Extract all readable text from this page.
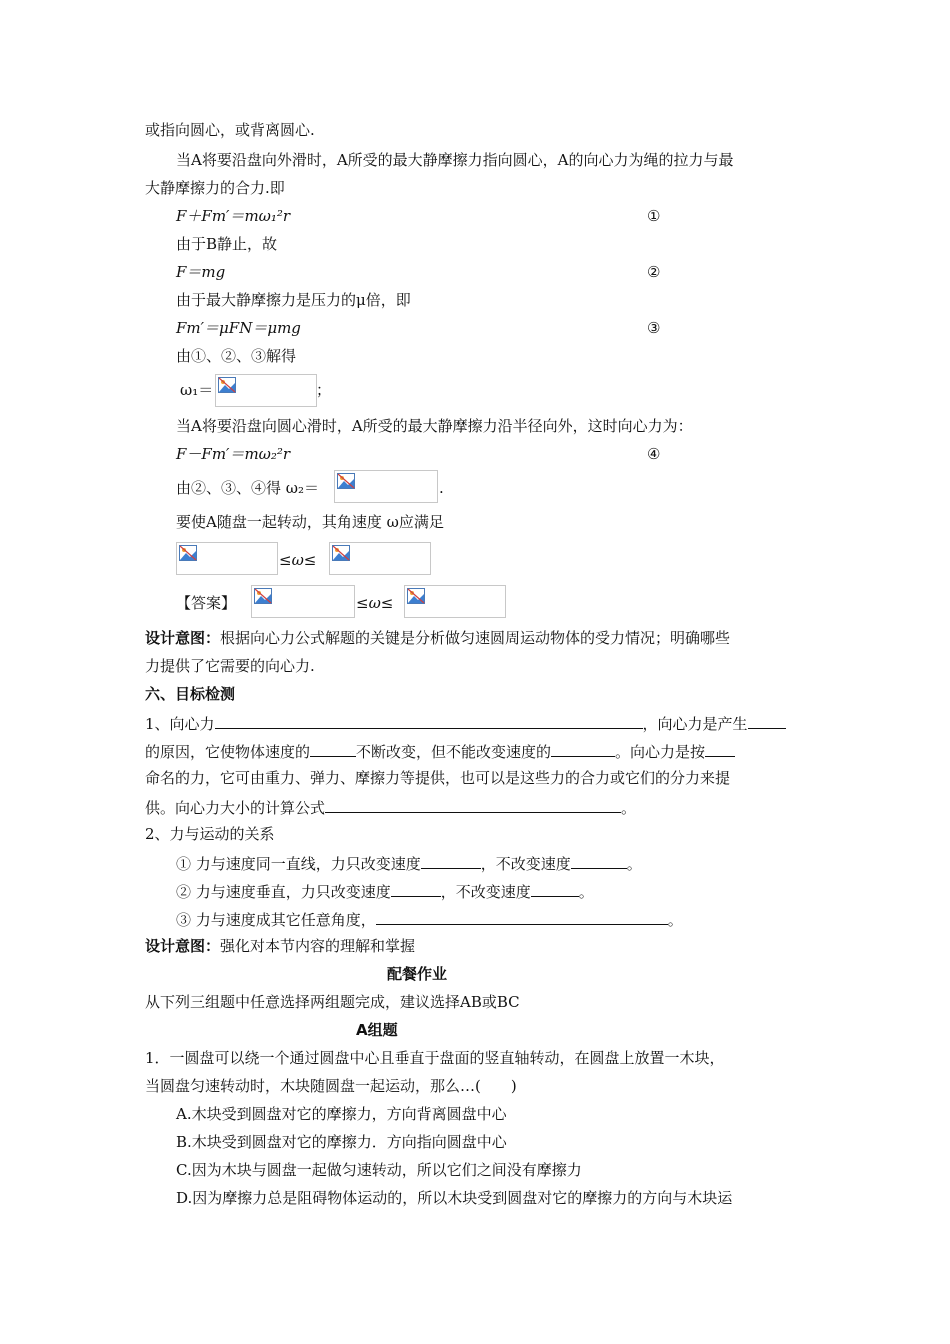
或指向圆心，或背离圆心.
当A将要沿盘向外滑时，A所受的最大静摩擦力指向圆心，A的向心力为绳的拉力与最
大静摩擦力的合力.即
F＋Fm′＝mω₁²r	①
由于B静止，故
F＝mg	②
由于最大静摩擦力是压力的μ倍，即
Fm′＝μFN＝μmg	③
由①、②、③解得
ω₁＝	；
当A将要沿盘向圆心滑时，A所受的最大静摩擦力沿半径向外，这时向心力为：
F－Fm′＝mω₂²r	④
由②、③、④得 ω₂＝	.
要使A随盘一起转动，其角速度 ω应满足
≤ω≤
【答案】	≤ω≤
设计意图：根据向心力公式解题的关键是分析做匀速圆周运动物体的受力情况；明确哪些
力提供了它需要的向心力.
六、目标检测
1、向心力	，向心力是产生
的原因，它使物体速度的	不断改变，但不能改变速度的	。向心力是按
命名的力，它可由重力、弹力、摩擦力等提供，也可以是这些力的合力或它们的分力来提
供。向心力大小的计算公式	。
2、力与运动的关系
① 力与速度同一直线，力只改变速度	，不改变速度	。
② 力与速度垂直，力只改变速度	，不改变速度	。
③ 力与速度成其它任意角度，	。
设计意图：强化对本节内容的理解和掌握
配餐作业
从下列三组题中任意选择两组题完成，建议选择AB或BC
A组题
1．一圆盘可以绕一个通过圆盘中心且垂直于盘面的竖直轴转动，在圆盘上放置一木块，
当圆盘匀速转动时，木块随圆盘一起运动，那么…(　　)
A.木块受到圆盘对它的摩擦力，方向背离圆盘中心
B.木块受到圆盘对它的摩擦力．方向指向圆盘中心
C.因为木块与圆盘一起做匀速转动，所以它们之间没有摩擦力
D.因为摩擦力总是阻碍物体运动的，所以木块受到圆盘对它的摩擦力的方向与木块运
